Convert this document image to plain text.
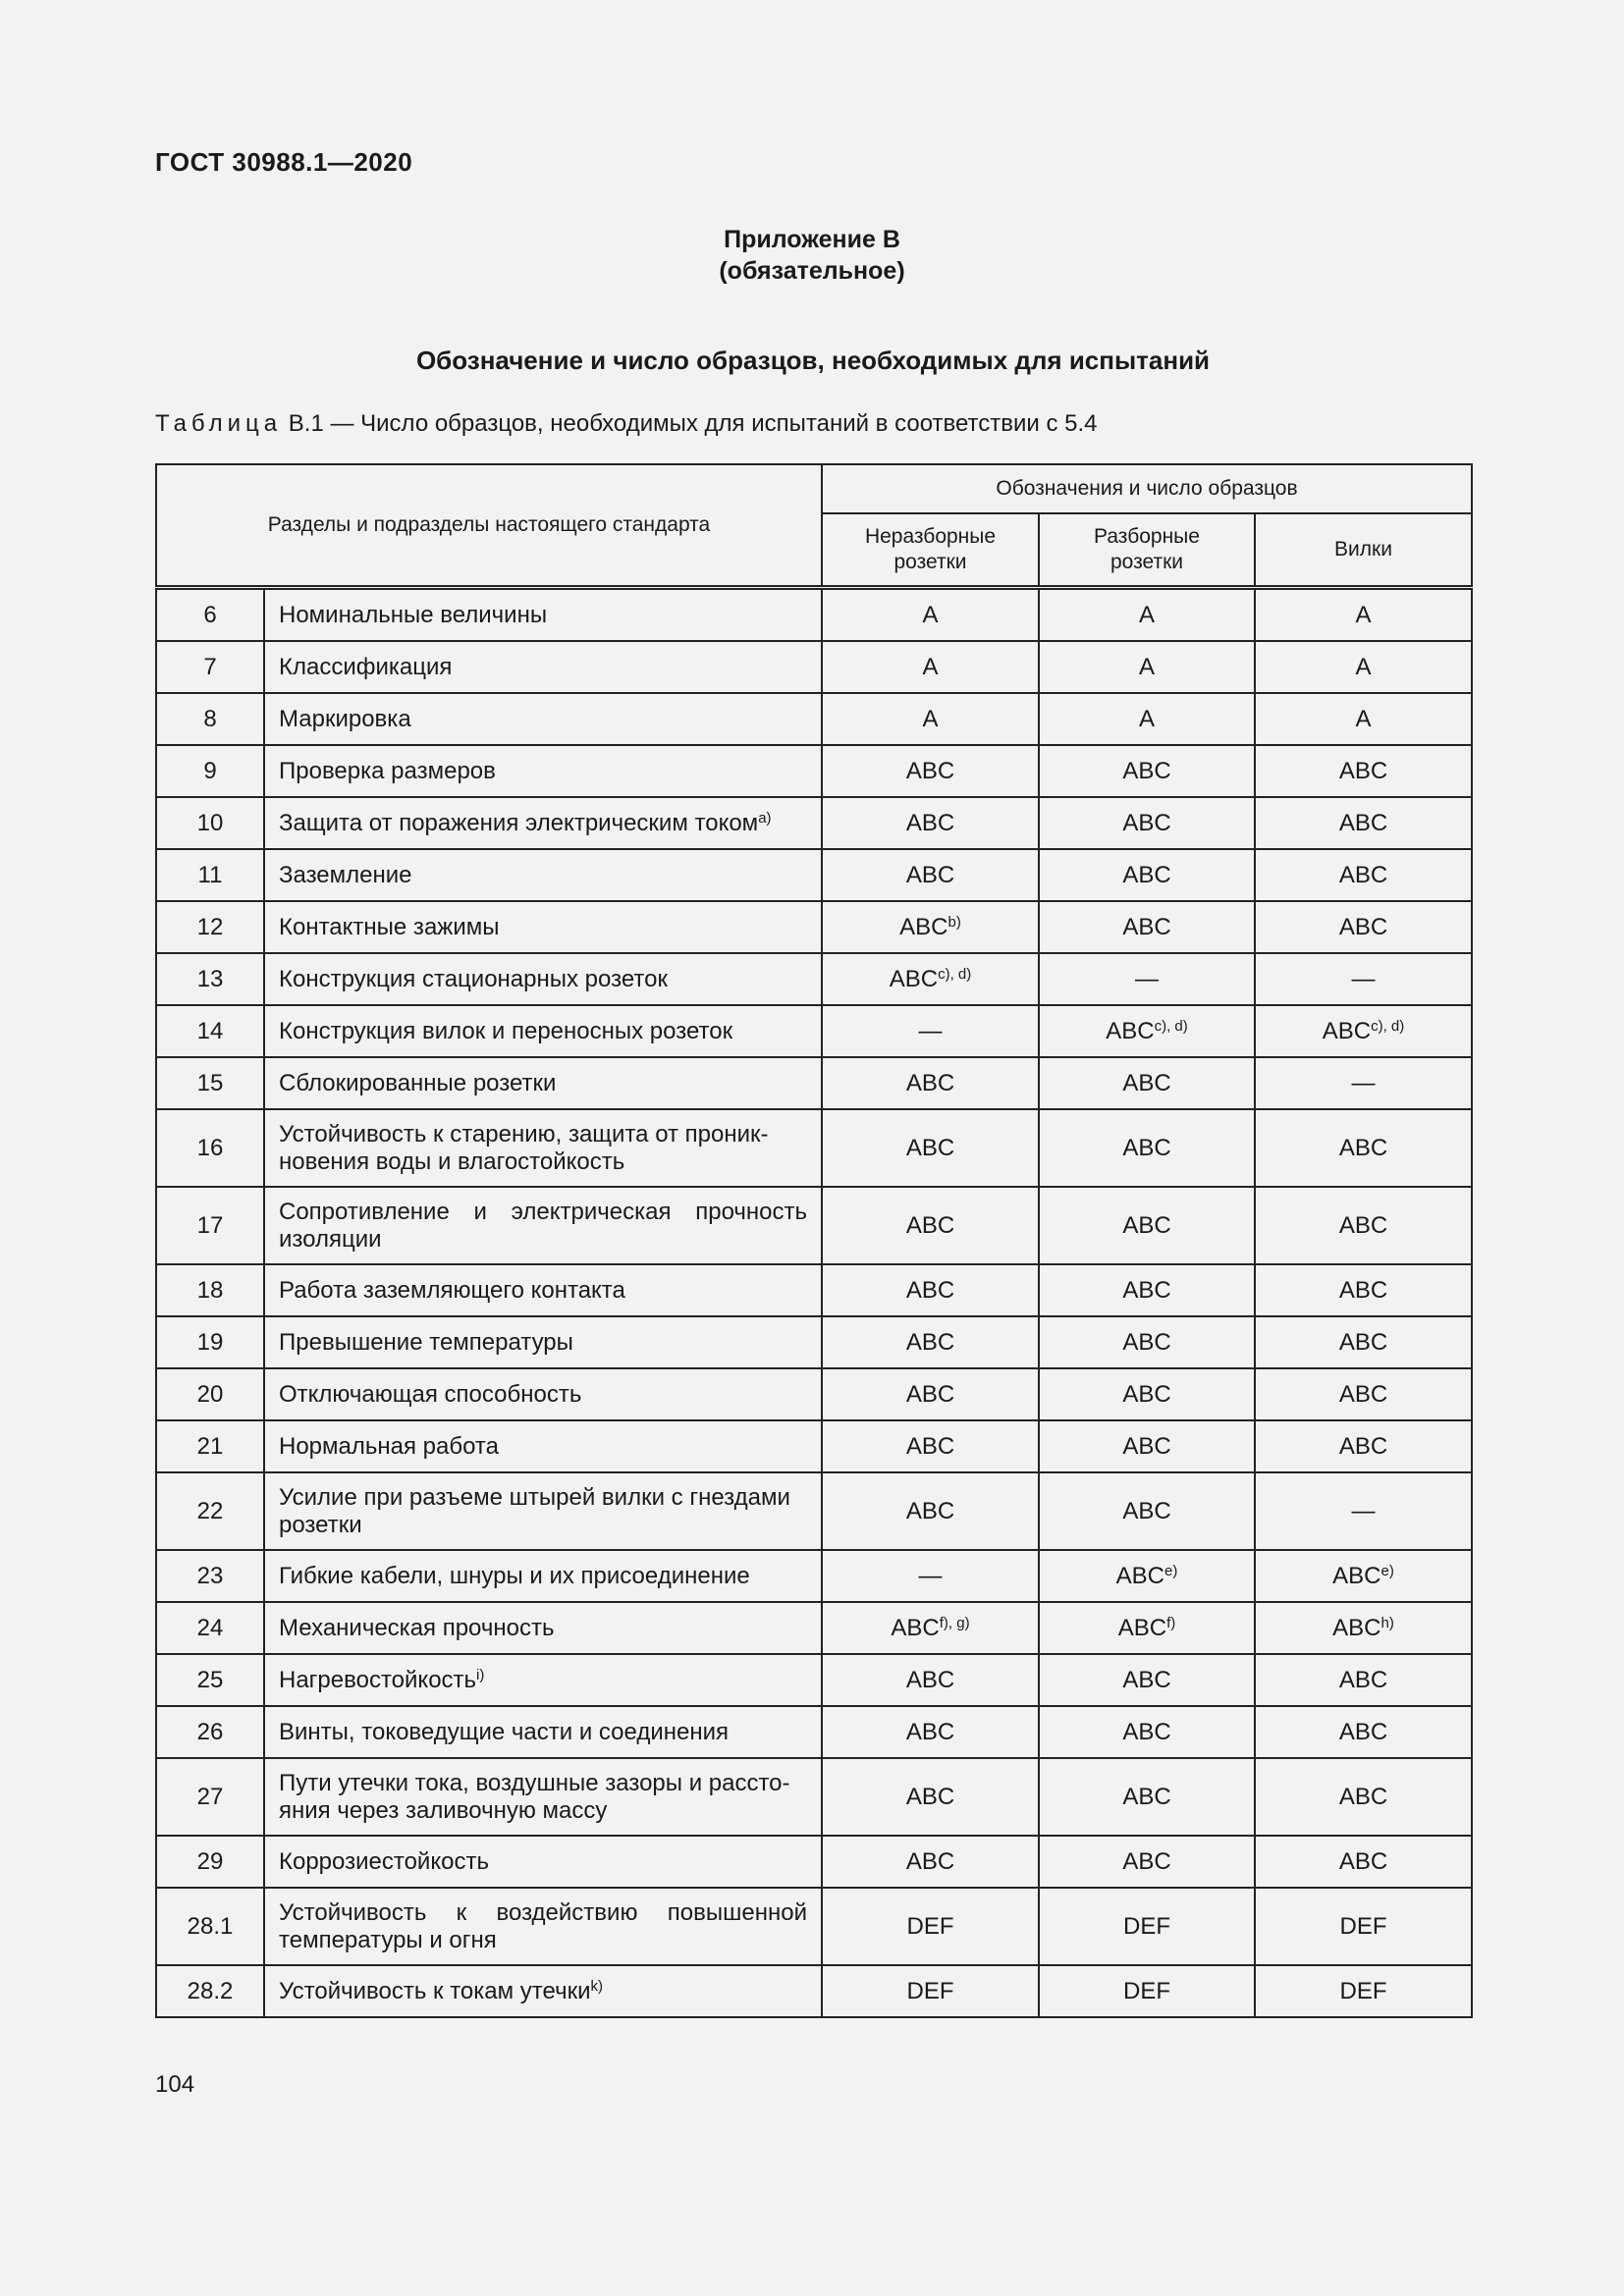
ГОСТ 30988.1—2020
Приложение В
(обязательное)
Обозначение и число образцов, необходимых для испытаний
Таблица В.1 — Число образцов, необходимых для испытаний в соответствии с 5.4
Разделы и подразделы настоящего стандарта		Обозначения и число образцов		
		Неразборные розетки	Разборные розетки	Вилки
6	Номинальные величины	A	A	A
7	Классификация	A	A	A
8	Маркировка	A	A	A
9	Проверка размеров	ABC	ABC	ABC
10	Защита от поражения электрическим током$^{a)}$	ABC	ABC	ABC
11	Заземление	ABC	ABC	ABC
12	Контактные зажимы	ABC$^{b)}$	ABC	ABC
13	Конструкция стационарных розеток	$ABC^{c), d)}$	—	—
14	Конструкция вилок и переносных розеток	—	$ABC^{c), d)}$	$ABC^{c), d)}$
15	Сблокированные розетки	ABC	ABC	—
16	Устойчивость к старению, защита от проник-
новения воды и влагостойкость	ABC	ABC	ABC
17	Сопротивление и электрическая прочность изоляции	ABC	ABC	ABC
18	Работа заземляющего контакта	ABC	ABC	ABC
19	Превышение температуры	ABC	ABC	ABC
20	Отключающая способность	ABC	ABC	ABC
21	Нормальная работа	ABC	ABC	ABC
22	Усилие при разъеме штырей вилки с гнездами розетки	ABC	ABC	—
23	Гибкие кабели, шнуры и их присоединение	—	ABC$^{e)}$	ABC$^{e)}$
24	Механическая прочность	$ABC^{f), g)}$	ABC$^{f)}$	ABC$^{h)}$
25	Нагревостойкость$^{i)}$	ABC	ABC	ABC
26	Винты, токоведущие части и соединения	ABC	ABC	ABC
27	Пути утечки тока, воздушные зазоры и рассто-
яния через заливочную массу	ABC	ABC	ABC
29	Коррозиестойкость	ABC	ABC	ABC
28.1	Устойчивость к воздействию повышенной температуры и огня	DEF	DEF	DEF
28.2	Устойчивость к токам утечки$^{k)}$	DEF	DEF	DEF
104
